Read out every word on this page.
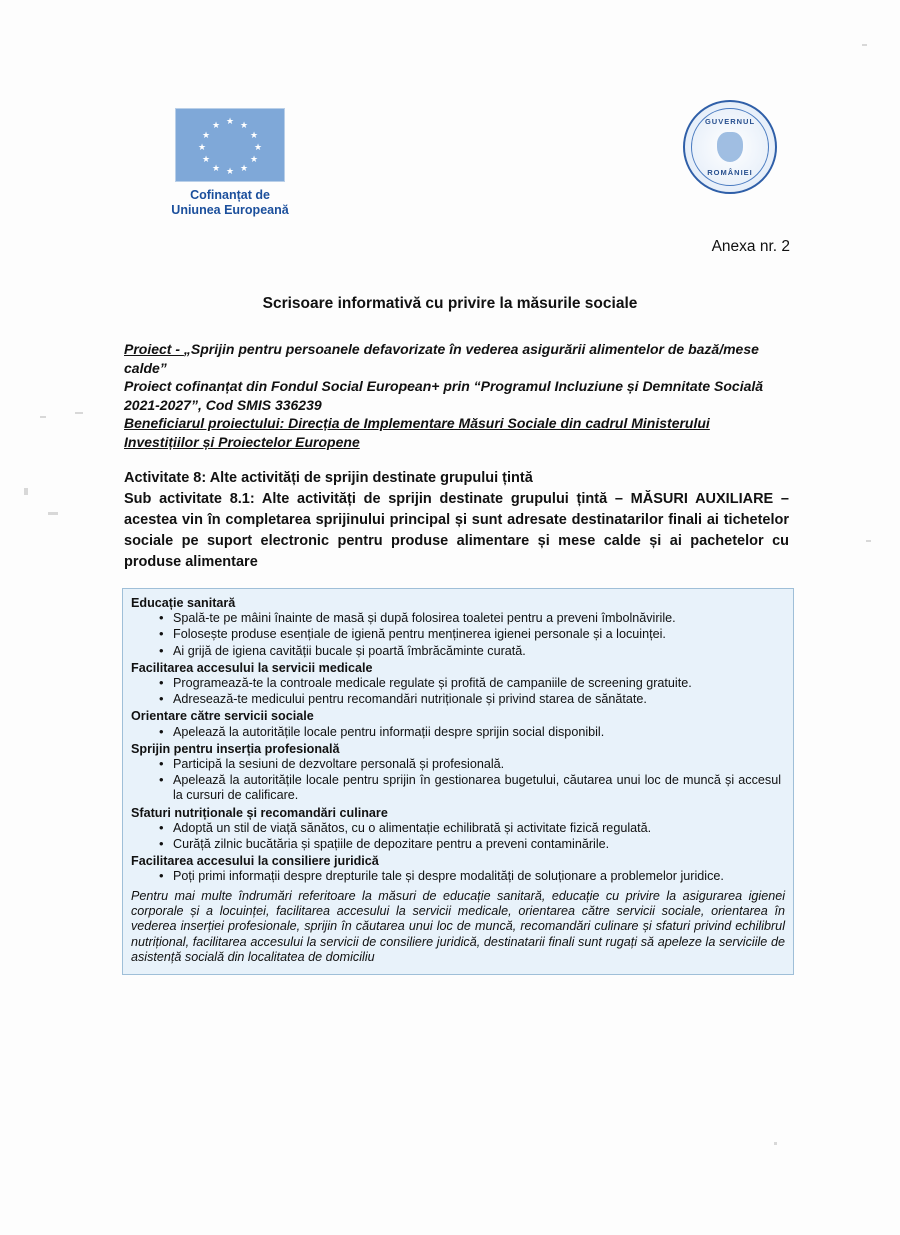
★ ★
★
★
★
★
★
★
★
★
★
★
Cofinanțat de
Uniunea Europeană
GUVERNUL
ROMÂNIEI
Anexa nr. 2
Scrisoare informativă cu privire la măsurile sociale
Proiect - „Sprijin pentru persoanele defavorizate în vederea asigurării alimentelor de bază/mese calde”
Proiect cofinanțat din Fondul Social European+ prin “Programul Incluziune și Demnitate Socială 2021-2027”, Cod SMIS 336239
Beneficiarul proiectului: Direcția de Implementare Măsuri Sociale din cadrul Ministerului Investițiilor și Proiectelor Europene
Activitate 8: Alte activități de sprijin destinate grupului țintă
Sub activitate 8.1: Alte activități de sprijin destinate grupului țintă – MĂSURI AUXILIARE – acestea vin în completarea sprijinului principal și sunt adresate destinatarilor finali ai tichetelor sociale pe suport electronic pentru produse alimentare și mese calde și ai pachetelor cu produse alimentare
Educație sanitară
• Spală-te pe mâini înainte de masă și după folosirea toaletei pentru a preveni îmbolnăvirile.
• Folosește produse esențiale de igienă pentru menținerea igienei personale și a locuinței.
• Ai grijă de igiena cavității bucale și poartă îmbrăcăminte curată.
Facilitarea accesului la servicii medicale
• Programează-te la controale medicale regulate și profită de campaniile de screening gratuite.
• Adresează-te medicului pentru recomandări nutriționale și privind starea de sănătate.
Orientare către servicii sociale
• Apelează la autoritățile locale pentru informații despre sprijin social disponibil.
Sprijin pentru inserția profesională
• Participă la sesiuni de dezvoltare personală și profesională.
• Apelează la autoritățile locale pentru sprijin în gestionarea bugetului, căutarea unui loc de muncă și accesul la cursuri de calificare.
Sfaturi nutriționale și recomandări culinare
• Adoptă un stil de viață sănătos, cu o alimentație echilibrată și activitate fizică regulată.
• Curăță zilnic bucătăria și spațiile de depozitare pentru a preveni contaminările.
Facilitarea accesului la consiliere juridică
• Poți primi informații despre drepturile tale și despre modalități de soluționare a problemelor juridice.
Pentru mai multe îndrumări referitoare la măsuri de educație sanitară, educație cu privire la asigurarea igienei corporale și a locuinței, facilitarea accesului la servicii medicale, orientarea către servicii sociale, orientarea în vederea inserției profesionale, sprijin în căutarea unui loc de muncă, recomandări culinare și sfaturi privind echilibrul nutrițional, facilitarea accesului la servicii de consiliere juridică, destinatarii finali sunt rugați să apeleze la serviciile de asistență socială din localitatea de domiciliu
